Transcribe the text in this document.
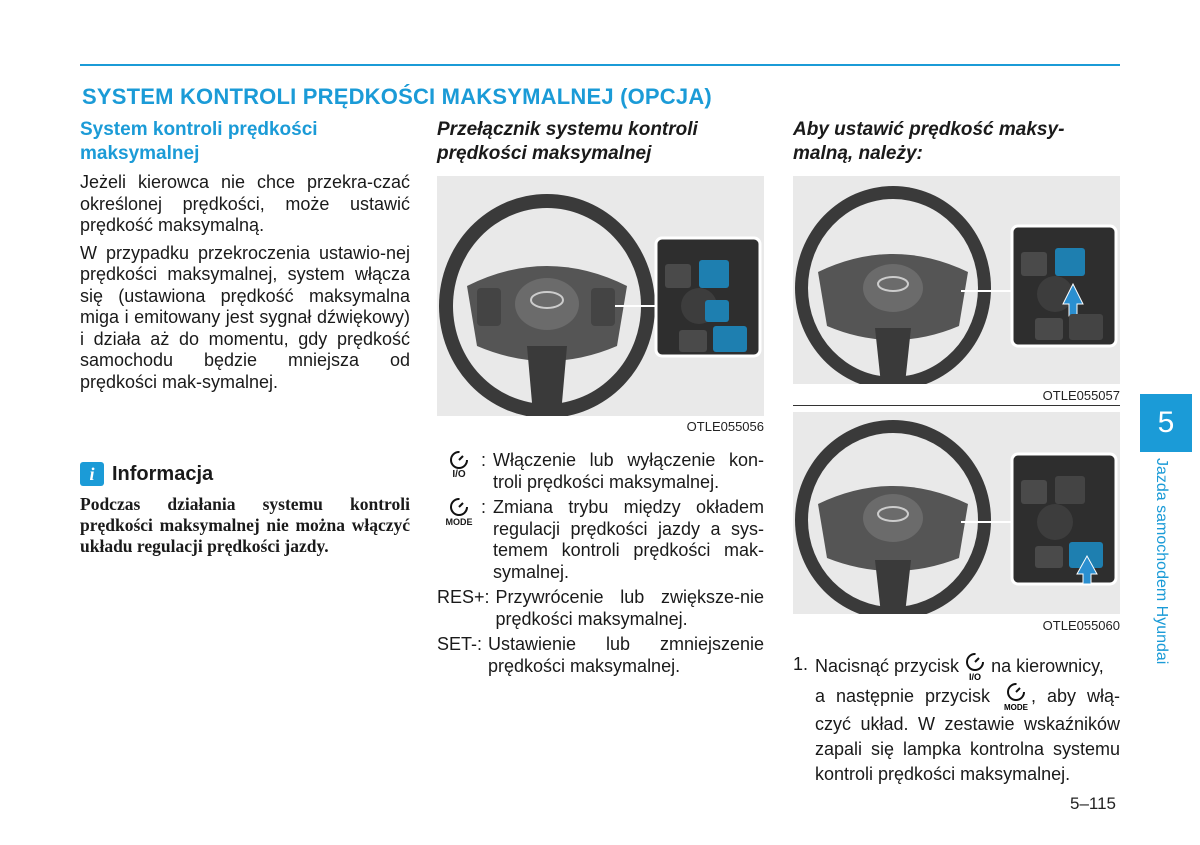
SYSTEM KONTROLI PRĘDKOŚCI MAKSYMALNEJ (OPCJA)
System kontroli prędkości
maksymalnej

Jeżeli kierowca nie chce przekra-czać określonej prędkości, może ustawić prędkość maksymalną.

W przypadku przekroczenia ustawio-nej prędkości maksymalnej, system włącza się (ustawiona prędkość maksymalna miga i emitowany jest sygnał dźwiękowy) i działa aż do momentu, gdy prędkość samochodu będzie mniejsza od prędkości mak-symalnej.

i Informacja
Podczas działania systemu kontroli prędkości maksymalnej nie można włączyć układu regulacji prędkości jazdy.
Przełącznik systemu kontroli
prędkości maksymalnej
OTLE055056
I/O
: Włączenie lub wyłączenie kon-troli prędkości maksymalnej.
MODE
: Zmiana trybu między okładem regulacji prędkości jazdy a sys-temem kontroli prędkości mak-symalnej.
RES+: Przywrócenie lub zwiększe-nie prędkości maksymalnej.
SET-: Ustawienie lub zmniejszenie prędkości maksymalnej.
Aby ustawić prędkość maksy-
malną, należy:
OTLE055057
OTLE055060
1. Nacisnąć przycisk
I/O
na kierownicy,
a następnie przycisk
MODE
, aby włą- czyć układ. W zestawie wskaźników zapali się lampka kontrolna systemu kontroli prędkości maksymalnej.
5
Jazda samochodem Hyundai
5–115
